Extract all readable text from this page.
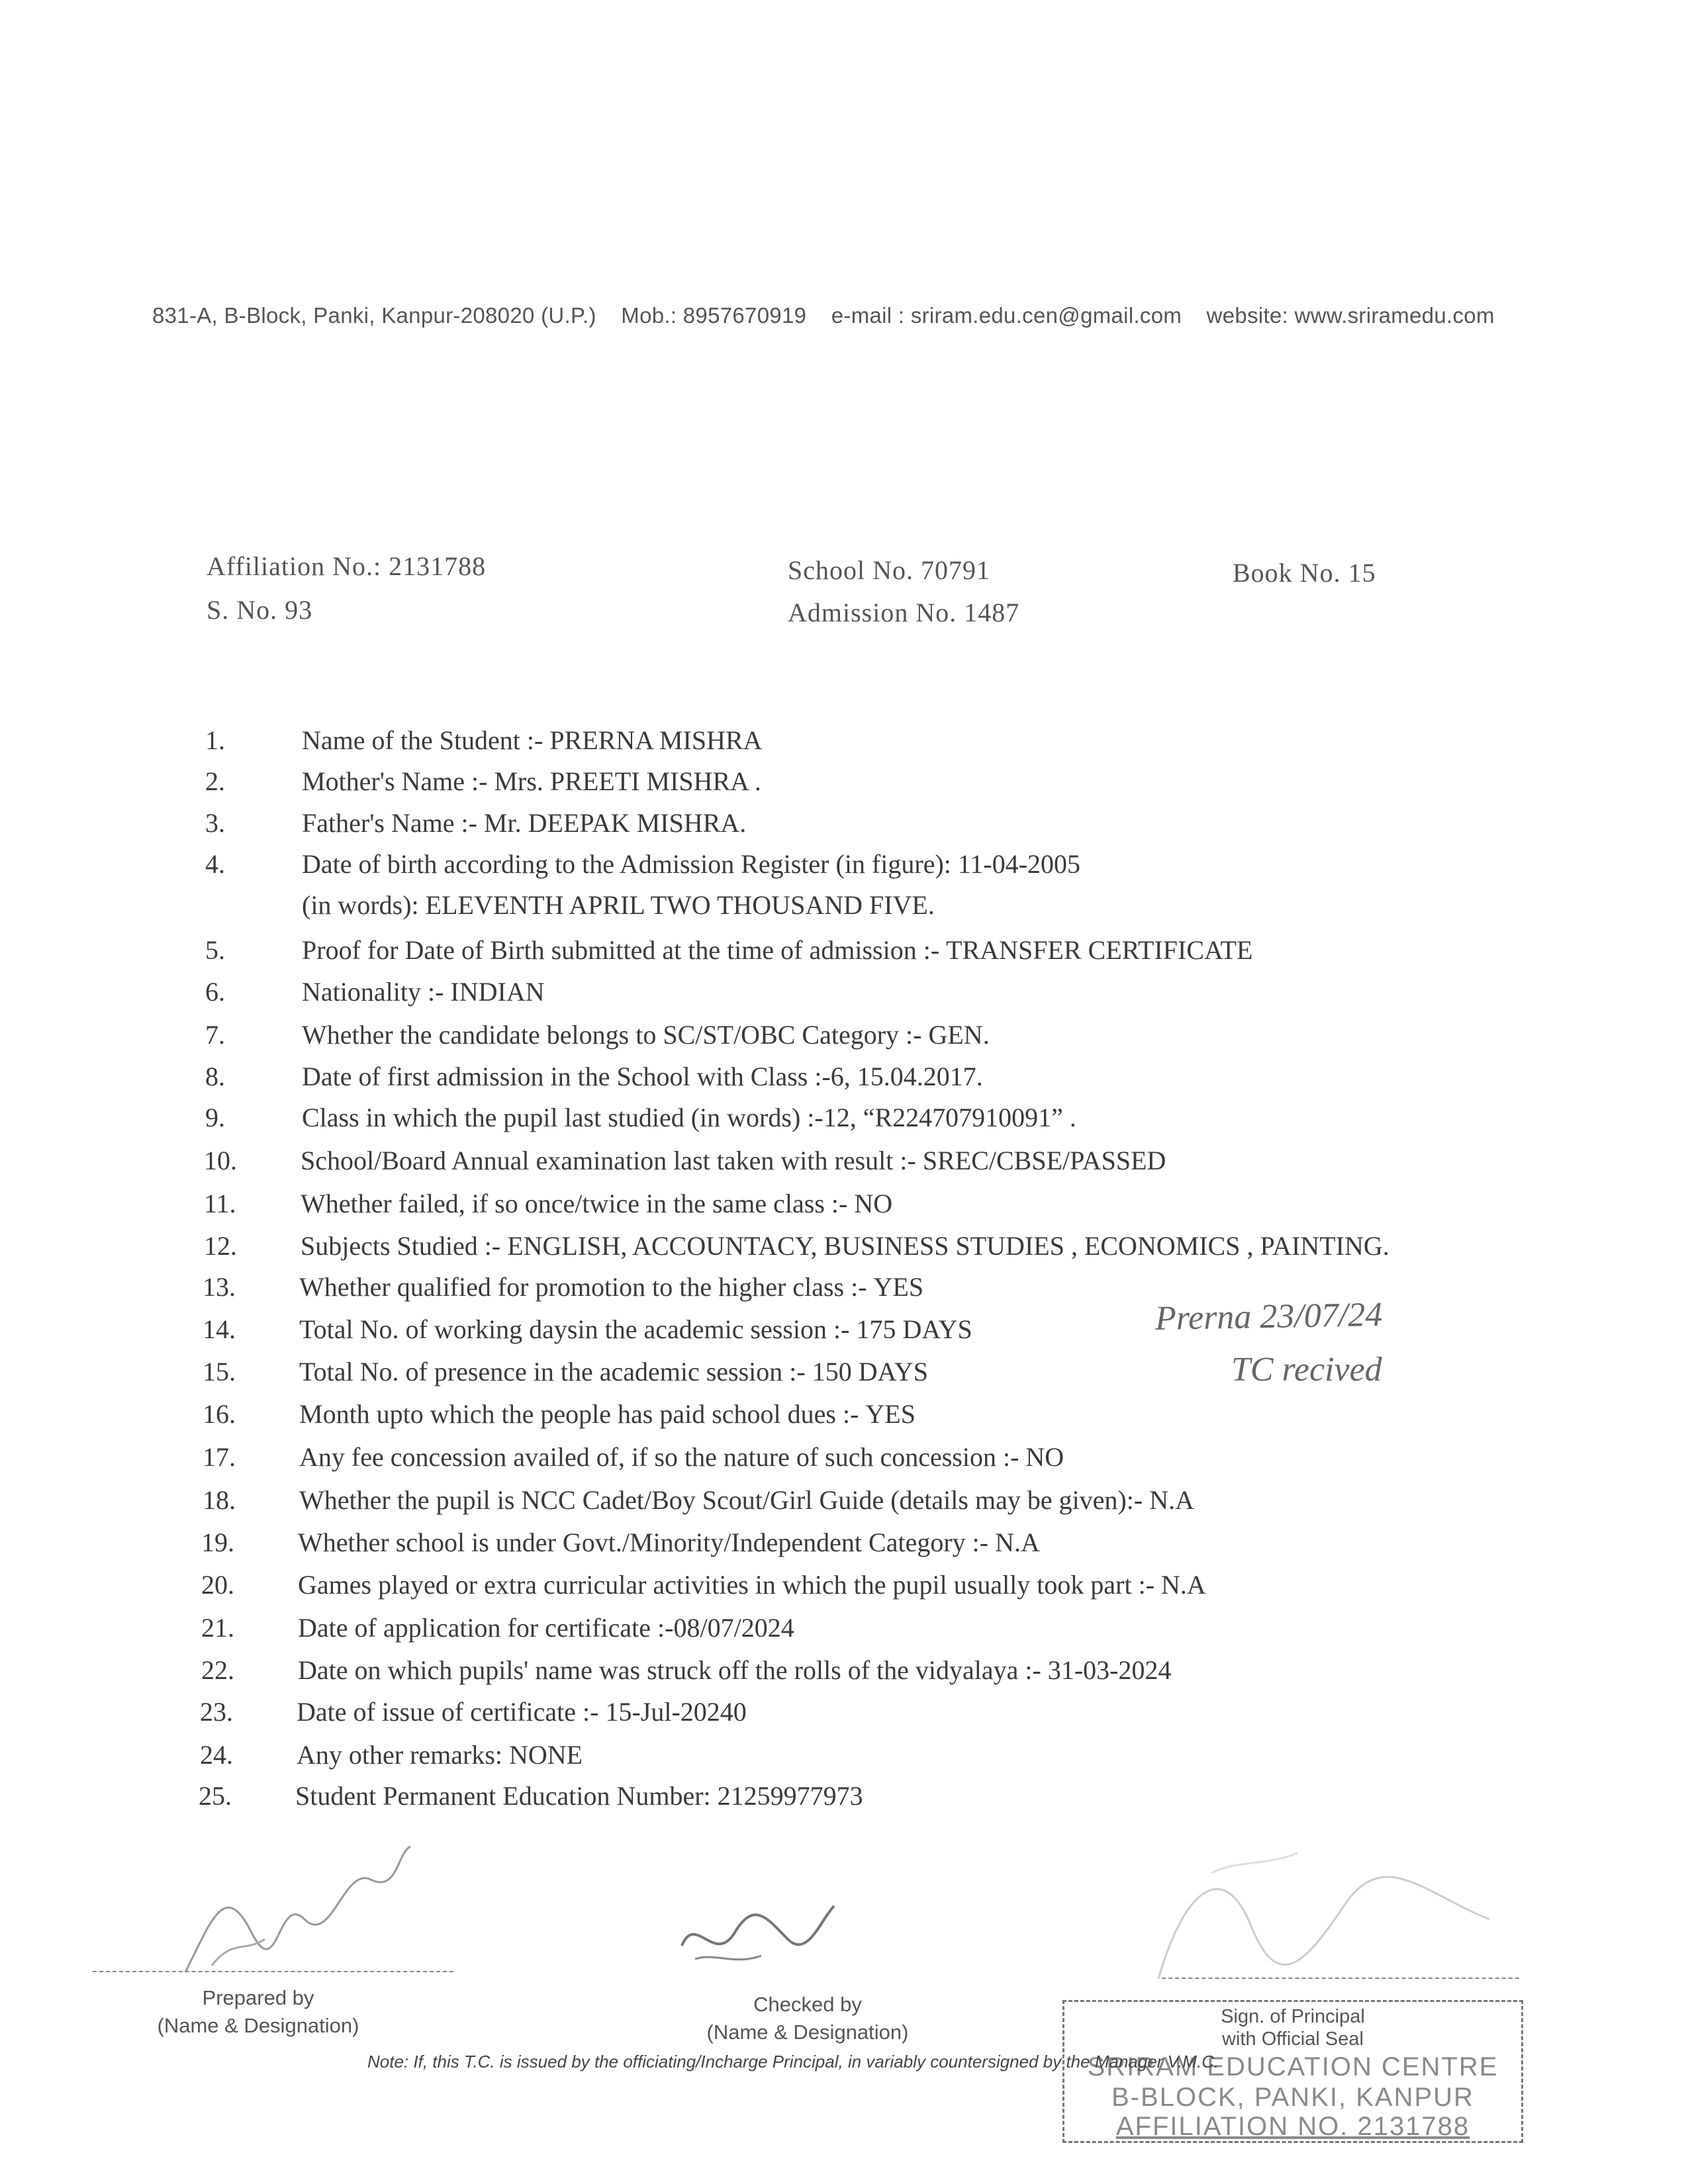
831-A, B-Block, Panki, Kanpur-208020 (U.P.) Mob.: 8957670919 e-mail : sriram.edu.cen@gmail.com website: www.sriramedu.com
Affiliation No.: 2131788
S. No. 93
School No. 70791
Admission No. 1487
Book No. 15
1.	Name of the Student :- PRERNA MISHRA
2.	Mother's Name :- Mrs. PREETI MISHRA .
3.	Father's Name :- Mr. DEEPAK MISHRA.
4.	Date of birth according to the Admission Register (in figure): 11-04-2005
(in words): ELEVENTH APRIL TWO THOUSAND FIVE.
5.	Proof for Date of Birth submitted at the time of admission :- TRANSFER CERTIFICATE
6.	Nationality :- INDIAN
7.	Whether the candidate belongs to SC/ST/OBC Category :- GEN.
8.	Date of first admission in the School with Class :-6, 15.04.2017.
9.	Class in which the pupil last studied (in words) :-12, “R224707910091” .
10.	School/Board Annual examination last taken with result :- SREC/CBSE/PASSED
11.	Whether failed, if so once/twice in the same class :- NO
12.	Subjects Studied :- ENGLISH, ACCOUNTACY, BUSINESS STUDIES , ECONOMICS , PAINTING.
13.	Whether qualified for promotion to the higher class :- YES
14.	Total No. of working daysin the academic session :- 175 DAYS
15.	Total No. of presence in the academic session :- 150 DAYS
16.	Month upto which the people has paid school dues :- YES
17.	Any fee concession availed of, if so the nature of such concession :- NO
18.	Whether the pupil is NCC Cadet/Boy Scout/Girl Guide (details may be given):- N.A
19.	Whether school is under Govt./Minority/Independent Category :- N.A
20.	Games played or extra curricular activities in which the pupil usually took part :- N.A
21.	Date of application for certificate :-08/07/2024
22.	Date on which pupils' name was struck off the rolls of the vidyalaya :- 31-03-2024
23.	Date of issue of certificate :- 15-Jul-20240
24.	Any other remarks: NONE
25.	Student Permanent Education Number: 21259977973
Prerna 23/07/24
TC recived
Prepared by
(Name & Designation)
Checked by
(Name & Designation)
Sign. of Principal
with Official Seal
SRIRAM EDUCATION CENTRE
B-BLOCK, PANKI, KANPUR
AFFILIATION NO. 2131788
Note: If, this T.C. is issued by the officiating/Incharge Principal, in variably countersigned by the Manager V.M.C.
